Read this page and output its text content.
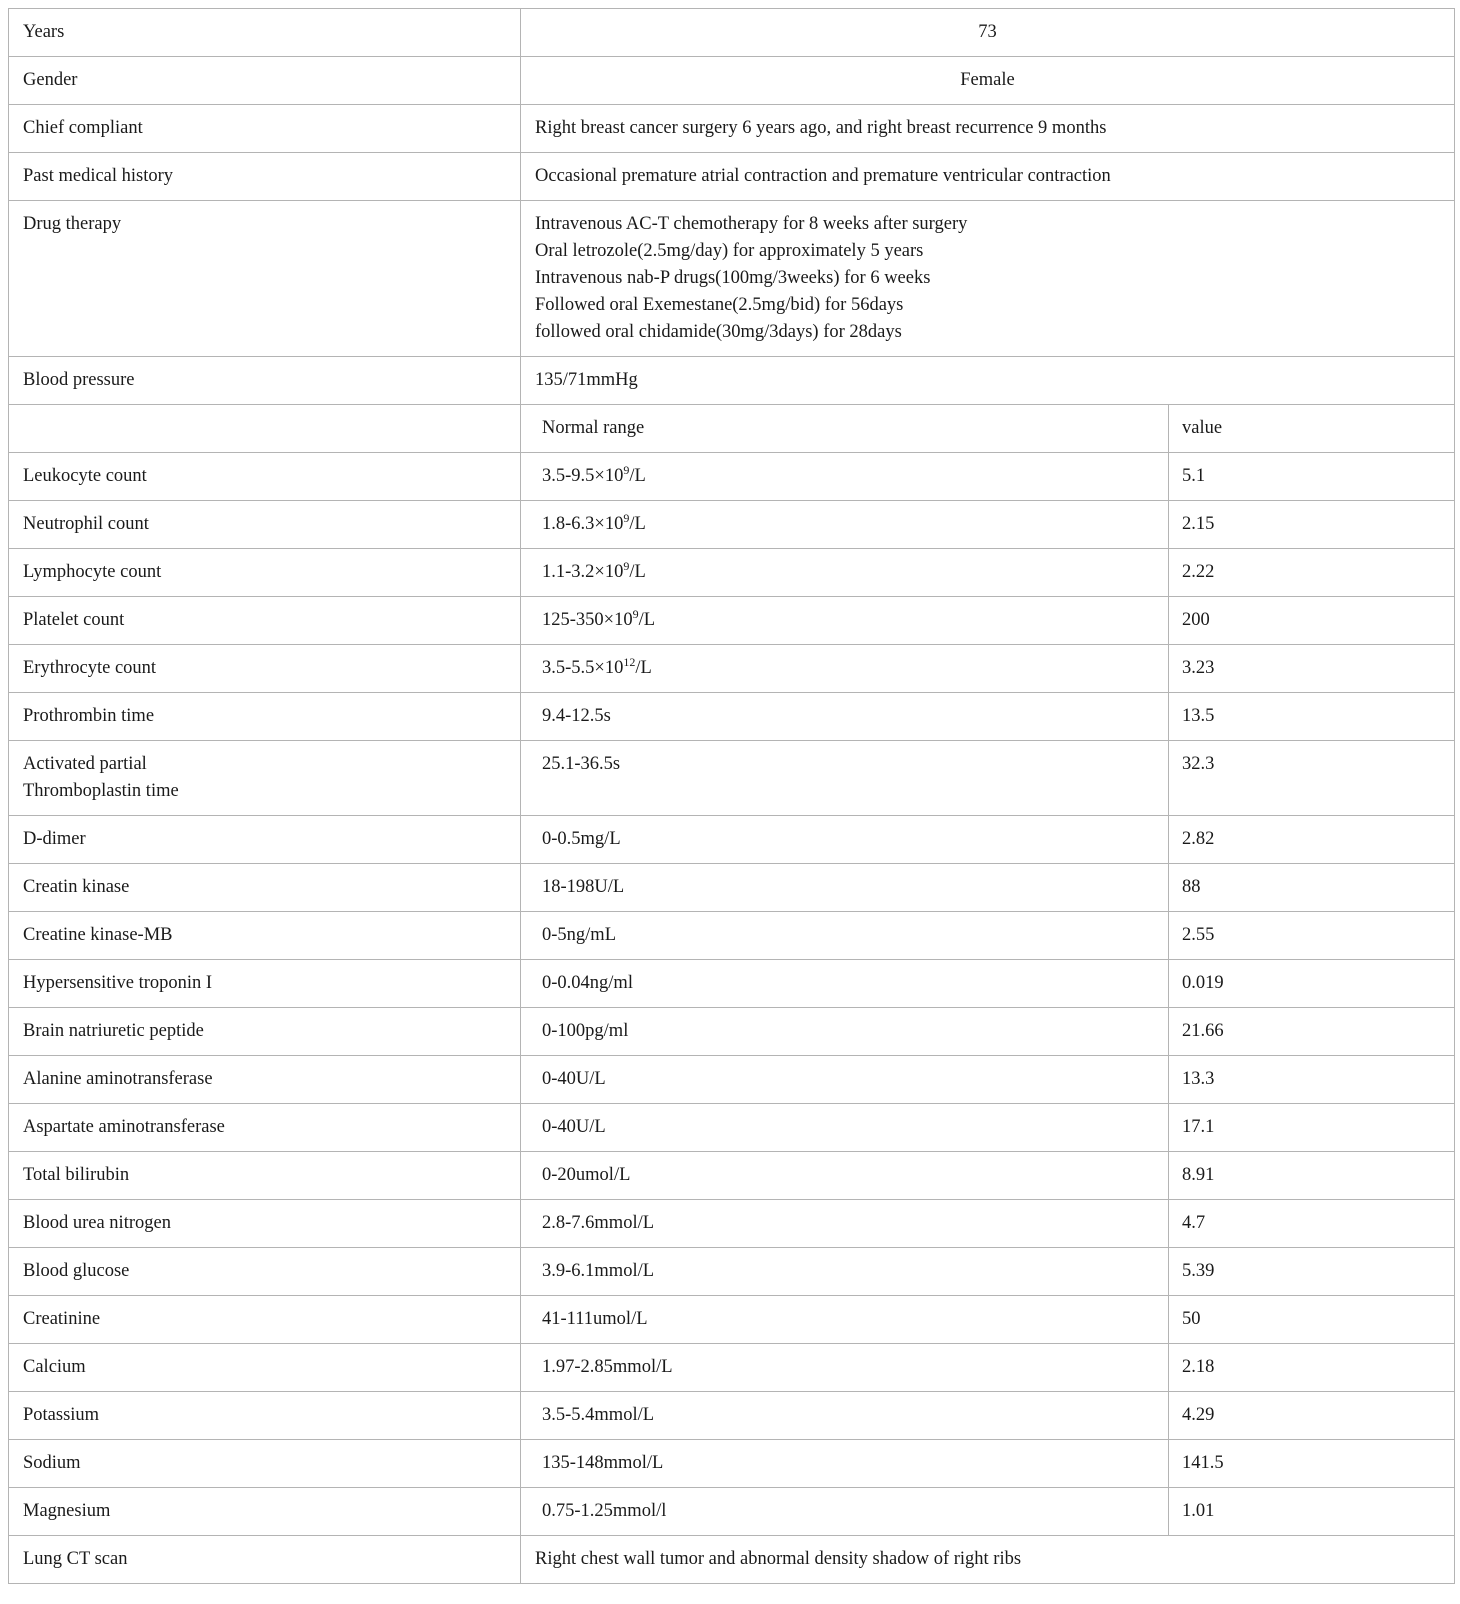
Years	73	
Gender	Female	
Chief compliant	Right breast cancer surgery 6 years ago, and right breast recurrence 9 months	
Past medical history	Occasional premature atrial contraction and premature ventricular contraction	
Drug therapy	Intravenous AC-T chemotherapy for 8 weeks after surgery
Oral letrozole(2.5mg/day) for approximately 5 years
Intravenous nab-P drugs(100mg/3weeks) for 6 weeks
Followed oral Exemestane(2.5mg/bid) for 56days
followed oral chidamide(30mg/3days) for 28days	

Blood pressure	135/71mmHg	
	Normal range	value
Leukocyte count	$3.5-9.5\times 10^9/L$	5.1
Neutrophil count	$1.8-6.3\times 10^9/L$	2.15
Lymphocyte count	$1.1-3.2\times 10^9/L$	2.22
Platelet count	$125-350\times 10^9/L$	200
Erythrocyte count	$3.5-5.5\times 10^{12}/L$	3.23
Prothrombin time	9.4-12.5s	13.5

Activated partial
Thromboplastin time	25.1-36.5s	32.3
D-dimer	0-0.5mg/L	2.82
Creatin kinase	18-198U/L	88
Creatine kinase-MB	0-5ng/mL	2.55
Hypersensitive troponin I	0-0.04ng/ml	0.019
Brain natriuretic peptide	0-100pg/ml	21.66
Alanine aminotransferase	0-40U/L	13.3
Aspartate aminotransferase	0-40U/L	17.1
Total bilirubin	0-20umol/L	8.91
Blood urea nitrogen	2.8-7.6mmol/L	4.7
Blood glucose	3.9-6.1mmol/L	5.39
Creatinine	41-111umol/L	50
Calcium	1.97-2.85mmol/L	2.18
Potassium	3.5-5.4mmol/L	4.29
Sodium	135-148mmol/L	141.5
Magnesium	0.75-1.25mmol/l	1.01
Lung CT scan	Right chest wall tumor and abnormal density shadow of right ribs	
